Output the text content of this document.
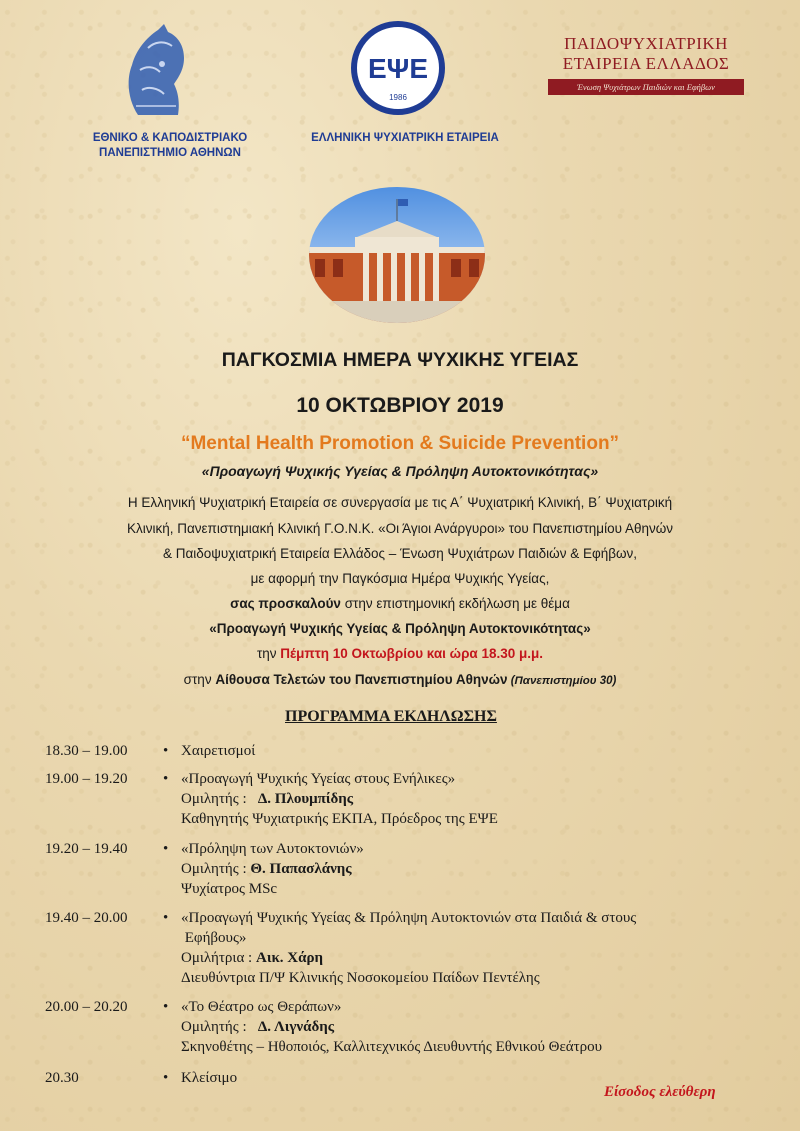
ΕΘΝΙΚΟ & ΚΑΠΟΔΙΣΤΡΙΑΚΟ
ΠΑΝΕΠΙΣΤΗΜΙΟ ΑΘΗΝΩΝ
ΕΨΕ
1986
ΕΛΛΗΝΙΚΗ ΨΥΧΙΑΤΡΙΚΗ ΕΤΑΙΡΕΙΑ
ΠΑΙΔΟΨΥΧΙΑΤΡΙΚΗ
ΕΤΑΙΡΕΙΑ ΕΛΛΑΔΟΣ
Ένωση Ψυχιάτρων Παιδιών και Εφήβων
ΠΑΓΚΟΣΜΙΑ ΗΜΕΡΑ ΨΥΧΙΚΗΣ ΥΓΕΙΑΣ
10 ΟΚΤΩΒΡΙΟΥ 2019
“Mental Health Promotion & Suicide Prevention”
«Προαγωγή Ψυχικής Υγείας & Πρόληψη Αυτοκτονικότητας»
Η Ελληνική Ψυχιατρική Εταιρεία σε συνεργασία με τις Α΄ Ψυχιατρική Κλινική, Β΄ Ψυχιατρική
Κλινική, Πανεπιστημιακή Κλινική Γ.Ο.Ν.Κ. «Οι Άγιοι Ανάργυροι» του Πανεπιστημίου Αθηνών
& Παιδοψυχιατρική Εταιρεία Ελλάδος – Ένωση Ψυχιάτρων Παιδιών & Εφήβων,
με αφορμή την Παγκόσμια Ημέρα Ψυχικής Υγείας,
σας προσκαλούν στην επιστημονική εκδήλωση με θέμα
«Προαγωγή Ψυχικής Υγείας & Πρόληψη Αυτοκτονικότητας»
την Πέμπτη 10 Οκτωβρίου και ώρα 18.30 μ.μ.
στην Αίθουσα Τελετών του Πανεπιστημίου Αθηνών (Πανεπιστημίου 30)
ΠΡΟΓΡΑΜΜΑ ΕΚΔΗΛΩΣΗΣ
18.30 – 19.00	• Χαιρετισμοί
19.00 – 19.20	• «Προαγωγή Ψυχικής Υγείας στους Ενήλικες»
Ομιλητής :   Δ. Πλουμπίδης
Καθηγητής Ψυχιατρικής ΕΚΠΑ, Πρόεδρος της ΕΨΕ
19.20 – 19.40	• «Πρόληψη των Αυτοκτονιών»
Ομιλητής : Θ. Παπασλάνης
Ψυχίατρος MSc
19.40 – 20.00	• «Προαγωγή Ψυχικής Υγείας & Πρόληψη Αυτοκτονιών στα Παιδιά & στους
Εφήβους»
Ομιλήτρια : Αικ. Χάρη
Διευθύντρια Π/Ψ Κλινικής Νοσοκομείου Παίδων Πεντέλης
20.00 – 20.20	• «Το Θέατρο ως Θεράπων»
Ομιλητής :   Δ. Λιγνάδης
Σκηνοθέτης – Ηθοποιός, Καλλιτεχνικός Διευθυντής Εθνικού Θεάτρου
20.30	• Κλείσιμο
Είσοδος ελεύθερη
